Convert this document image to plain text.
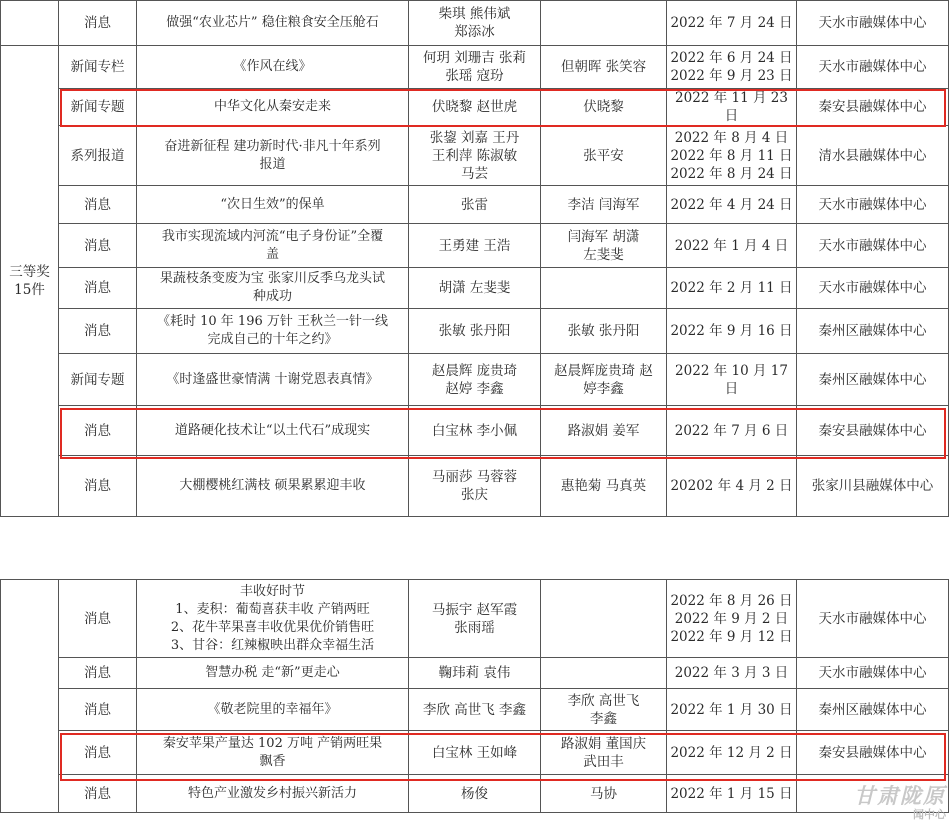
	消息	做强“农业芯片” 稳住粮食安全压舱石	柴琪 熊伟斌
郑添冰		2022 年 7 月 24 日	天水市融媒体中心

三等奖
15件	新闻专栏	《作风在线》	何玥 刘珊吉 张莉
张瑶 寇玢	但朝晖 张笑容	2022 年 6 月 24 日
2022 年 9 月 23 日	天水市融媒体中心
	新闻专题	中华文化从秦安走来	伏晓黎 赵世虎	伏晓黎	2022 年 11 月 23 日	秦安县融媒体中心
	系列报道	奋进新征程 建功新时代·非凡十年系列
报道	张鋆 刘嘉 王丹
王利萍 陈淑敏
马芸	张平安	2022 年 8 月 4 日
2022 年 8 月 11 日
2022 年 8 月 24 日	清水县融媒体中心
	消息	“次日生效”的保单	张雷	李洁 闫海军	2022 年 4 月 24 日	天水市融媒体中心
	消息	我市实现流域内河流“电子身份证”全覆
盖	王勇建 王浩	闫海军 胡潇
左斐斐	2022 年 1 月 4 日	天水市融媒体中心
	消息	果蔬枝条变废为宝 张家川反季乌龙头试
种成功	胡潇 左斐斐		2022 年 2 月 11 日	天水市融媒体中心
	消息	《耗时 10 年 196 万针 王秋兰一针一线
完成自己的十年之约》	张敏 张丹阳	张敏 张丹阳	2022 年 9 月 16 日	秦州区融媒体中心
	新闻专题	《时逢盛世豪情满 十谢党恩表真情》	赵晨辉 庞贵琦
赵婷 李鑫	赵晨辉庞贵琦 赵
婷李鑫	2022 年 10 月 17 日	秦州区融媒体中心
	消息	道路硬化技术让“以土代石”成现实	白宝林 李小佩	路淑娟 姜军	2022 年 7 月 6 日	秦安县融媒体中心
	消息	大棚樱桃红满枝 硕果累累迎丰收	马丽莎 马蓉蓉
张庆	惠艳菊 马真英	20202 年 4 月 2 日	张家川县融媒体中心
	消息	丰收好时节
1、麦积：葡萄喜获丰收 产销两旺
2、花牛苹果喜丰收优果优价销售旺
3、甘谷：红辣椒映出群众幸福生活	马振宇 赵军霞
张雨瑶		2022 年 8 月 26 日
2022 年 9 月 2 日
2022 年 9 月 12 日	天水市融媒体中心
	消息	智慧办税 走“新”更走心	鞠玮莉 袁伟		2022 年 3 月 3 日	天水市融媒体中心
	消息	《敬老院里的幸福年》	李欣 高世飞 李鑫	李欣 高世飞
李鑫	2022 年 1 月 30 日	秦州区融媒体中心
	消息	秦安苹果产量达 102 万吨 产销两旺果
飘香	白宝林 王如峰	路淑娟 董国庆
武田丰	2022 年 12 月 2 日	秦安县融媒体中心
	消息	特色产业激发乡村振兴新活力	杨俊	马协	2022 年 1 月 15 日	
		甘肃陇原
闻中心
